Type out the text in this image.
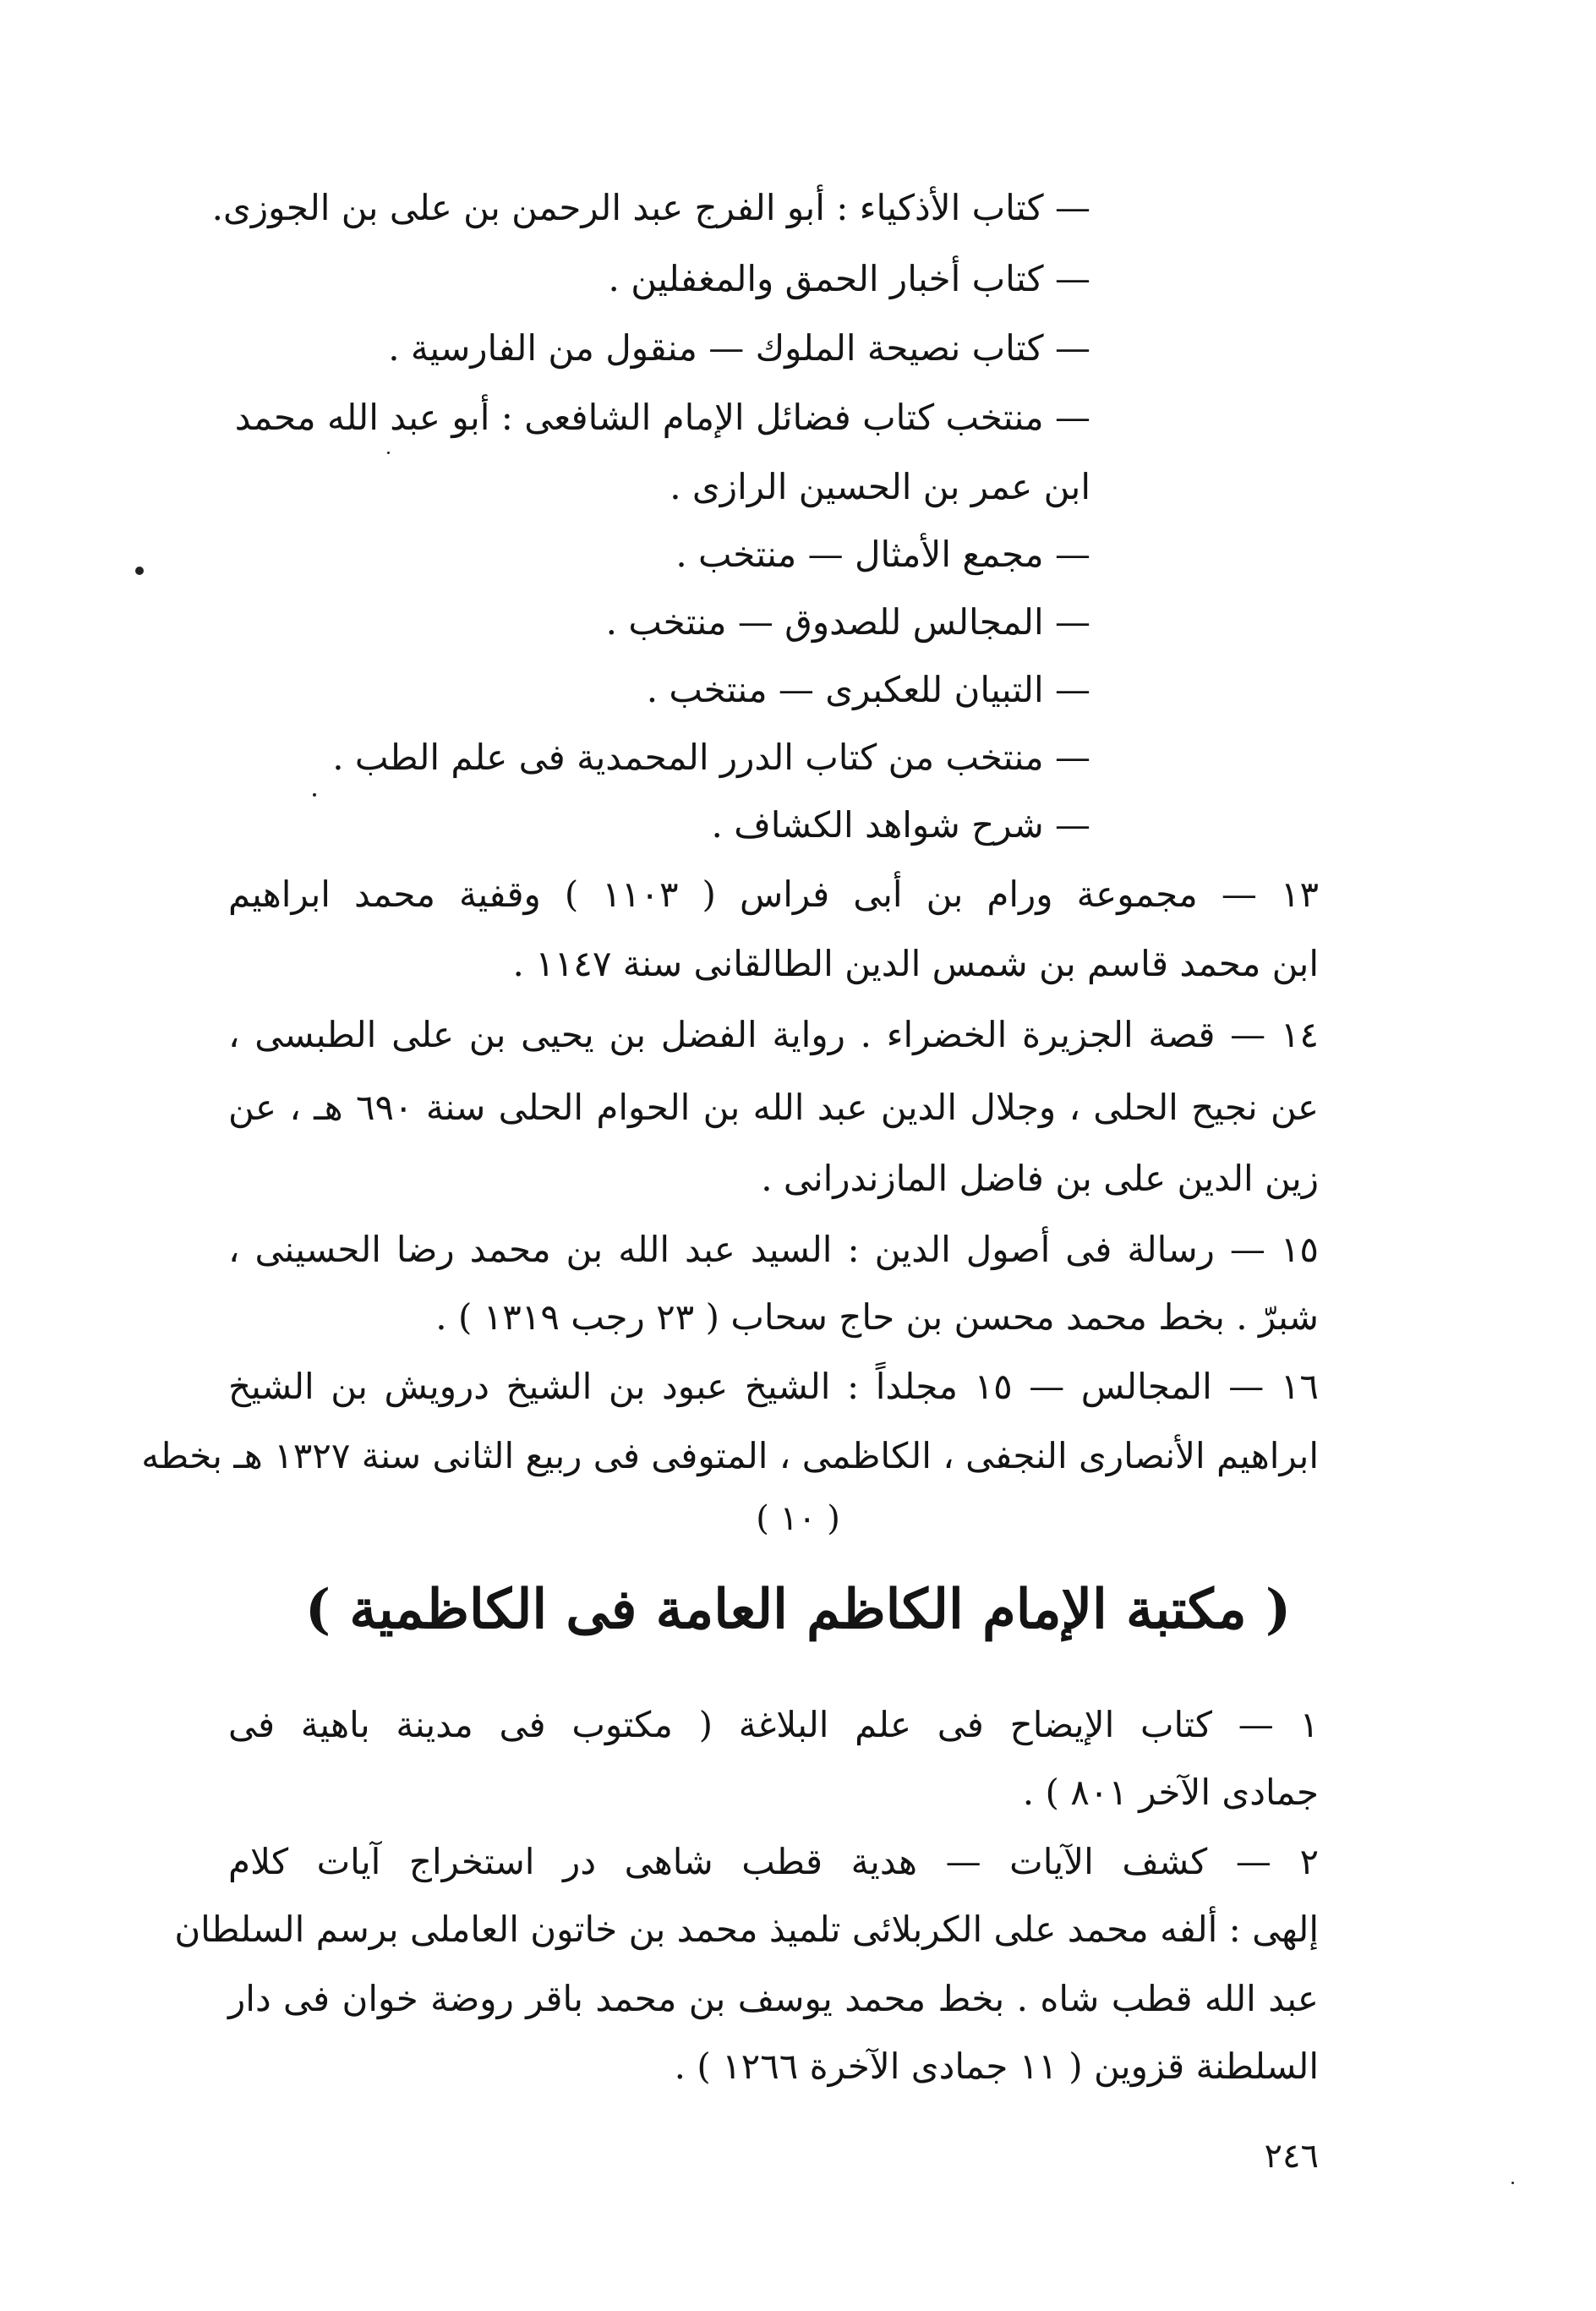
— كتاب الأذكياء : أبو الفرج عبد الرحمن بن على بن الجوزى.
— كتاب أخبار الحمق والمغفلين .
— كتاب نصيحة الملوك — منقول من الفارسية .
— منتخب كتاب فضائل الإمام الشافعى : أبو عبد الله محمد
ابن عمر بن الحسين الرازى .
— مجمع الأمثال — منتخب .
— المجالس للصدوق — منتخب .
— التبيان للعكبرى — منتخب .
— منتخب من كتاب الدرر المحمدية فى علم الطب .
— شرح شواهد الكشاف .
١٣ — مجموعة ورام بن أبى فراس ( ١١٠٣ ) وقفية محمد ابراهيم
ابن محمد قاسم بن شمس الدين الطالقانى سنة ١١٤٧ .
١٤ — قصة الجزيرة الخضراء . رواية الفضل بن يحيى بن على الطبسى ،
عن نجيح الحلى ، وجلال الدين عبد الله بن الحوام الحلى سنة ٦٩٠ هـ ، عن
زين الدين على بن فاضل المازندرانى .
١٥ — رسالة فى أصول الدين : السيد عبد الله بن محمد رضا الحسينى ،
شبرّ . بخط محمد محسن بن حاج سحاب ( ٢٣ رجب ١٣١٩ ) .
١٦ — المجالس — ١٥ مجلداً : الشيخ عبود بن الشيخ درويش بن الشيخ
ابراهيم الأنصارى النجفى ، الكاظمى ، المتوفى فى ربيع الثانى سنة ١٣٢٧ هـ بخطه
( ١٠ )
( مكتبة الإمام الكاظم العامة فى الكاظمية )
١ — كتاب الإيضاح فى علم البلاغة ( مكتوب فى مدينة باهية فى
جمادى الآخر ٨٠١ ) .
٢ — كشف الآيات — هدية قطب شاهى در استخراج آيات كلام
إلهى : ألفه محمد على الكربلائى تلميذ محمد بن خاتون العاملى برسم السلطان
عبد الله قطب شاه . بخط محمد يوسف بن محمد باقر روضة خوان فى دار
السلطنة قزوين ( ١١ جمادى الآخرة ١٢٦٦ ) .
٢٤٦
